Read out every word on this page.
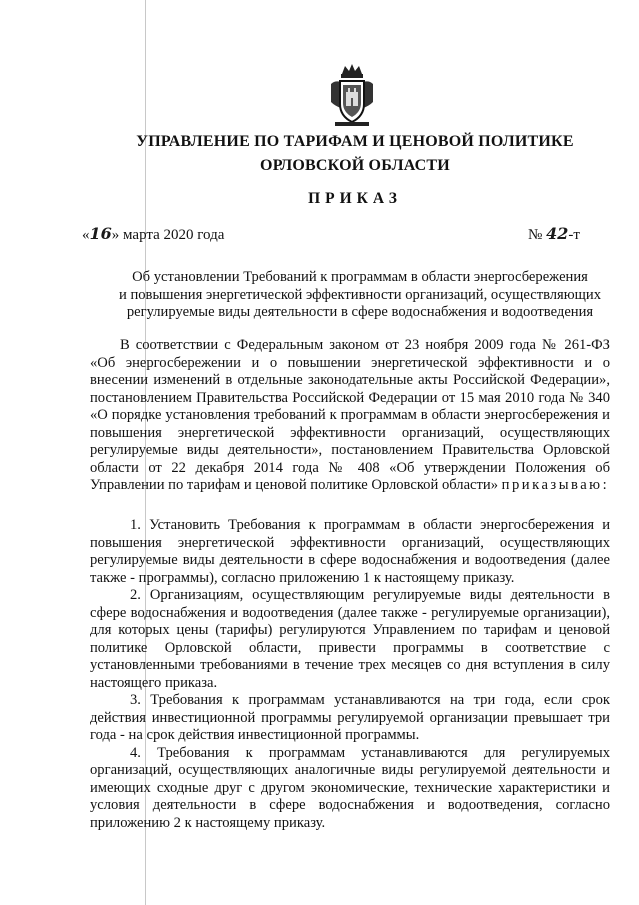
УПРАВЛЕНИЕ ПО ТАРИФАМ И ЦЕНОВОЙ ПОЛИТИКЕ
ОРЛОВСКОЙ ОБЛАСТИ
ПРИКАЗ
«16» марта 2020 года	№ 42-т
Об установлении Требований к программам в области энергосбережения
и повышения энергетической эффективности организаций, осуществляющих
регулируемые виды деятельности в сфере водоснабжения и водоотведения
В соответствии с Федеральным законом от 23 ноября 2009 года № 261-ФЗ «Об энергосбережении и о повышении энергетической эффективности и о внесении изменений в отдельные законодательные акты Российской Федерации», постановлением Правительства Российской Федерации от 15 мая 2010 года № 340 «О порядке установления требований к программам в области энергосбережения и повышения энергетической эффективности организаций, осуществляющих регулируемые виды деятельности», постановлением Правительства Орловской области от 22 декабря 2014 года № 408 «Об утверждении Положения об Управлении по тарифам и ценовой политике Орловской области» приказываю:

1. Установить Требования к программам в области энергосбережения и повышения энергетической эффективности организаций, осуществляющих регулируемые виды деятельности в сфере водоснабжения и водоотведения (далее также - программы), согласно приложению 1 к настоящему приказу.

2. Организациям, осуществляющим регулируемые виды деятельности в сфере водоснабжения и водоотведения (далее также - регулируемые организации), для которых цены (тарифы) регулируются Управлением по тарифам и ценовой политике Орловской области, привести программы в соответствие с установленными требованиями в течение трех месяцев со дня вступления в силу настоящего приказа.

3. Требования к программам устанавливаются на три года, если срок действия инвестиционной программы регулируемой организации превышает три года - на срок действия инвестиционной программы.

4. Требования к программам устанавливаются для регулируемых организаций, осуществляющих аналогичные виды регулируемой деятельности и имеющих сходные друг с другом экономические, технические характеристики и условия деятельности в сфере водоснабжения и водоотведения, согласно приложению 2 к настоящему приказу.
